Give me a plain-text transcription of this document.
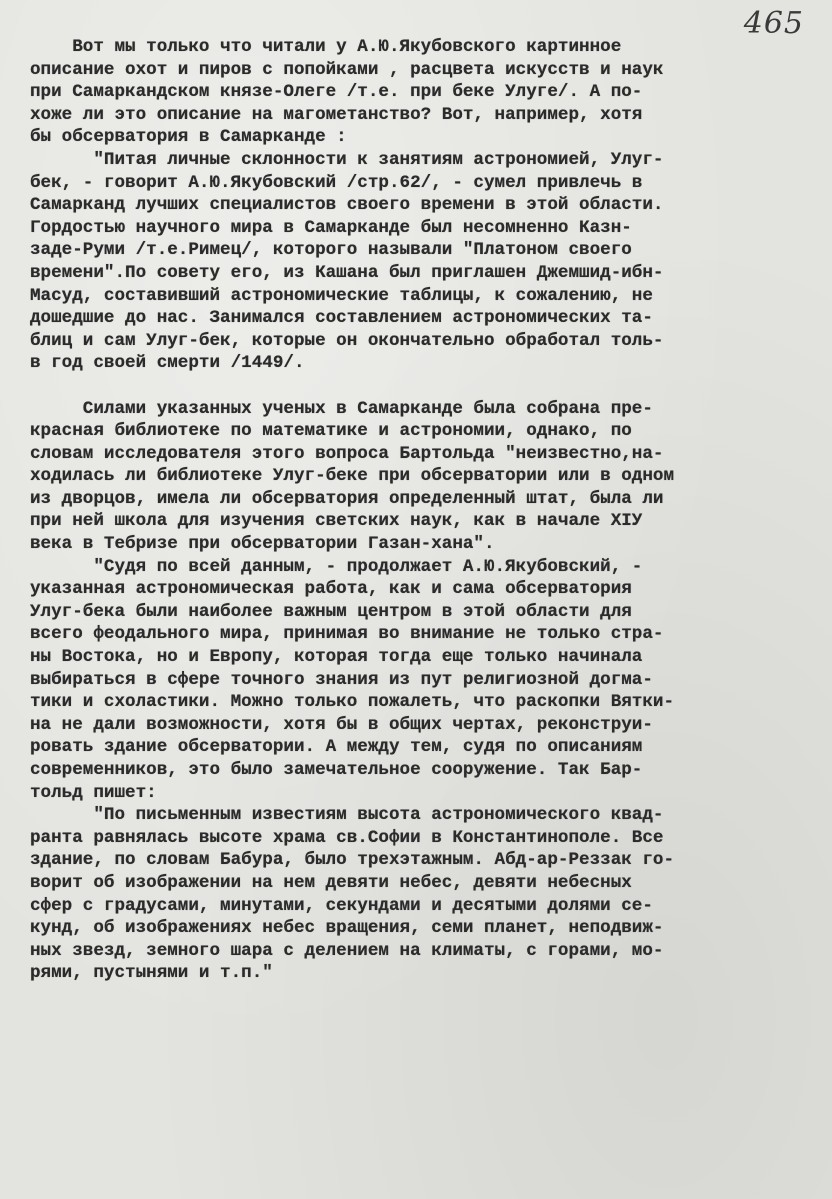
465
Вот мы только что читали у А.Ю.Якубовского картинное
описание охот и пиров с попойками , расцвета искусств и наук
при Самаркандском князе-Олеге /т.е. при беке Улуге/. А по-
хоже ли это описание на магометанство? Вот, например, хотя
бы обсерватория в Самарканде :
"Питая личные склонности к занятиям астрономией, Улуг-
бек, - говорит А.Ю.Якубовский /стр.62/, - сумел привлечь в
Самарканд лучших специалистов своего времени в этой области.
Гордостью научного мира в Самарканде был несомненно Казн-
заде-Руми /т.е.Римец/, которого называли "Платоном своего
времени".По совету его, из Кашана был приглашен Джемшид-ибн-
Масуд, составивший астрономические таблицы, к сожалению, не
дошедшие до нас. Занимался составлением астрономических та-
блиц и сам Улуг-бек, которые он окончательно обработал толь-
в год своей смерти /1449/.
Силами указанных ученых в Самарканде была собрана пре-
красная библиотеке по математике и астрономии, однако, по
словам исследователя этого вопроса Бартольда "неизвестно,на-
ходилась ли библиотеке Улуг-беке при обсерватории или в одном
из дворцов, имела ли обсерватория определенный штат, была ли
при ней школа для изучения светских наук, как в начале XIУ
века в Тебризе при обсерватории Газан-хана".
"Судя по всей данным, - продолжает А.Ю.Якубовский, -
указанная астрономическая работа, как и сама обсерватория
Улуг-бека были наиболее важным центром в этой области для
всего феодального мира, принимая во внимание не только стра-
ны Востока, но и Европу, которая тогда еще только начинала
выбираться в сфере точного знания из пут религиозной догма-
тики и схоластики. Можно только пожалеть, что раскопки Вятки-
на не дали возможности, хотя бы в общих чертах, реконструи-
ровать здание обсерватории. А между тем, судя по описаниям
современников, это было замечательное сооружение. Так Бар-
тольд пишет:
"По письменным известиям высота астрономического квад-
ранта равнялась высоте храма св.Софии в Константинополе. Все
здание, по словам Бабура, было трехэтажным. Абд-ар-Реззак го-
ворит об изображении на нем девяти небес, девяти небесных
сфер с градусами, минутами, секундами и десятыми долями се-
кунд, об изображениях небес вращения, семи планет, неподвиж-
ных звезд, земного шара с делением на климаты, с горами, мо-
рями, пустынями и т.п."
